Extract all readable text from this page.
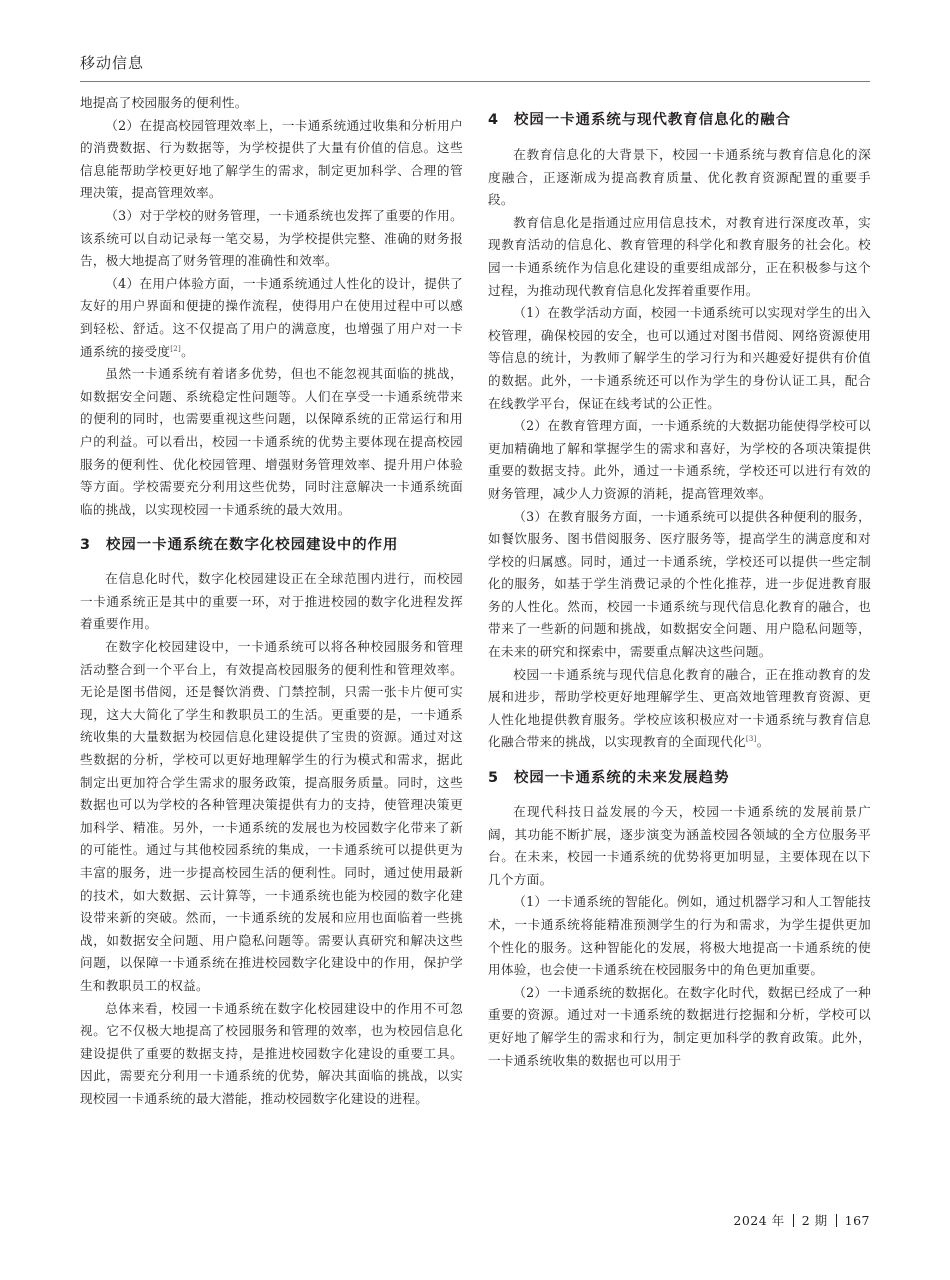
移动信息

地提高了校园服务的便利性。

（2）在提高校园管理效率上，一卡通系统通过收集和分析用户的消费数据、行为数据等，为学校提供了大量有价值的信息。这些信息能帮助学校更好地了解学生的需求，制定更加科学、合理的管理决策，提高管理效率。

（3）对于学校的财务管理，一卡通系统也发挥了重要的作用。该系统可以自动记录每一笔交易，为学校提供完整、准确的财务报告，极大地提高了财务管理的准确性和效率。

（4）在用户体验方面，一卡通系统通过人性化的设计，提供了友好的用户界面和便捷的操作流程，使得用户在使用过程中可以感到轻松、舒适。这不仅提高了用户的满意度，也增强了用户对一卡通系统的接受度[2]。

虽然一卡通系统有着诸多优势，但也不能忽视其面临的挑战，如数据安全问题、系统稳定性问题等。人们在享受一卡通系统带来的便利的同时，也需要重视这些问题，以保障系统的正常运行和用户的利益。可以看出，校园一卡通系统的优势主要体现在提高校园服务的便利性、优化校园管理、增强财务管理效率、提升用户体验等方面。学校需要充分利用这些优势，同时注意解决一卡通系统面临的挑战，以实现校园一卡通系统的最大效用。

3 校园一卡通系统在数字化校园建设中的作用

在信息化时代，数字化校园建设正在全球范围内进行，而校园一卡通系统正是其中的重要一环，对于推进校园的数字化进程发挥着重要作用。

在数字化校园建设中，一卡通系统可以将各种校园服务和管理活动整合到一个平台上，有效提高校园服务的便利性和管理效率。无论是图书借阅，还是餐饮消费、门禁控制，只需一张卡片便可实现，这大大简化了学生和教职员工的生活。更重要的是，一卡通系统收集的大量数据为校园信息化建设提供了宝贵的资源。通过对这些数据的分析，学校可以更好地理解学生的行为模式和需求，据此制定出更加符合学生需求的服务政策，提高服务质量。同时，这些数据也可以为学校的各种管理决策提供有力的支持，使管理决策更加科学、精准。另外，一卡通系统的发展也为校园数字化带来了新的可能性。通过与其他校园系统的集成，一卡通系统可以提供更为丰富的服务，进一步提高校园生活的便利性。同时，通过使用最新的技术，如大数据、云计算等，一卡通系统也能为校园的数字化建设带来新的突破。然而，一卡通系统的发展和应用也面临着一些挑战，如数据安全问题、用户隐私问题等。需要认真研究和解决这些问题，以保障一卡通系统在推进校园数字化建设中的作用，保护学生和教职员工的权益。

总体来看，校园一卡通系统在数字化校园建设中的作用不可忽视。它不仅极大地提高了校园服务和管理的效率，也为校园信息化建设提供了重要的数据支持，是推进校园数字化建设的重要工具。因此，需要充分利用一卡通系统的优势，解决其面临的挑战，以实现校园一卡通系统的最大潜能，推动校园数字化建设的进程。

4 校园一卡通系统与现代教育信息化的融合

在教育信息化的大背景下，校园一卡通系统与教育信息化的深度融合，正逐渐成为提高教育质量、优化教育资源配置的重要手段。

教育信息化是指通过应用信息技术，对教育进行深度改革，实现教育活动的信息化、教育管理的科学化和教育服务的社会化。校园一卡通系统作为信息化建设的重要组成部分，正在积极参与这个过程，为推动现代教育信息化发挥着重要作用。

（1）在教学活动方面，校园一卡通系统可以实现对学生的出入校管理，确保校园的安全，也可以通过对图书借阅、网络资源使用等信息的统计，为教师了解学生的学习行为和兴趣爱好提供有价值的数据。此外，一卡通系统还可以作为学生的身份认证工具，配合在线教学平台，保证在线考试的公正性。

（2）在教育管理方面，一卡通系统的大数据功能使得学校可以更加精确地了解和掌握学生的需求和喜好，为学校的各项决策提供重要的数据支持。此外，通过一卡通系统，学校还可以进行有效的财务管理，减少人力资源的消耗，提高管理效率。

（3）在教育服务方面，一卡通系统可以提供各种便利的服务，如餐饮服务、图书借阅服务、医疗服务等，提高学生的满意度和对学校的归属感。同时，通过一卡通系统，学校还可以提供一些定制化的服务，如基于学生消费记录的个性化推荐，进一步促进教育服务的人性化。然而，校园一卡通系统与现代信息化教育的融合，也带来了一些新的问题和挑战，如数据安全问题、用户隐私问题等，在未来的研究和探索中，需要重点解决这些问题。

校园一卡通系统与现代信息化教育的融合，正在推动教育的发展和进步，帮助学校更好地理解学生、更高效地管理教育资源、更人性化地提供教育服务。学校应该积极应对一卡通系统与教育信息化融合带来的挑战，以实现教育的全面现代化[3]。

5 校园一卡通系统的未来发展趋势

在现代科技日益发展的今天，校园一卡通系统的发展前景广阔，其功能不断扩展，逐步演变为涵盖校园各领域的全方位服务平台。在未来，校园一卡通系统的优势将更加明显，主要体现在以下几个方面。

（1）一卡通系统的智能化。例如，通过机器学习和人工智能技术，一卡通系统将能精准预测学生的行为和需求，为学生提供更加个性化的服务。这种智能化的发展，将极大地提高一卡通系统的使用体验，也会使一卡通系统在校园服务中的角色更加重要。

（2）一卡通系统的数据化。在数字化时代，数据已经成了一种重要的资源。通过对一卡通系统的数据进行挖掘和分析，学校可以更好地了解学生的需求和行为，制定更加科学的教育政策。此外，一卡通系统收集的数据也可以用于

2024 年 2 期 167
